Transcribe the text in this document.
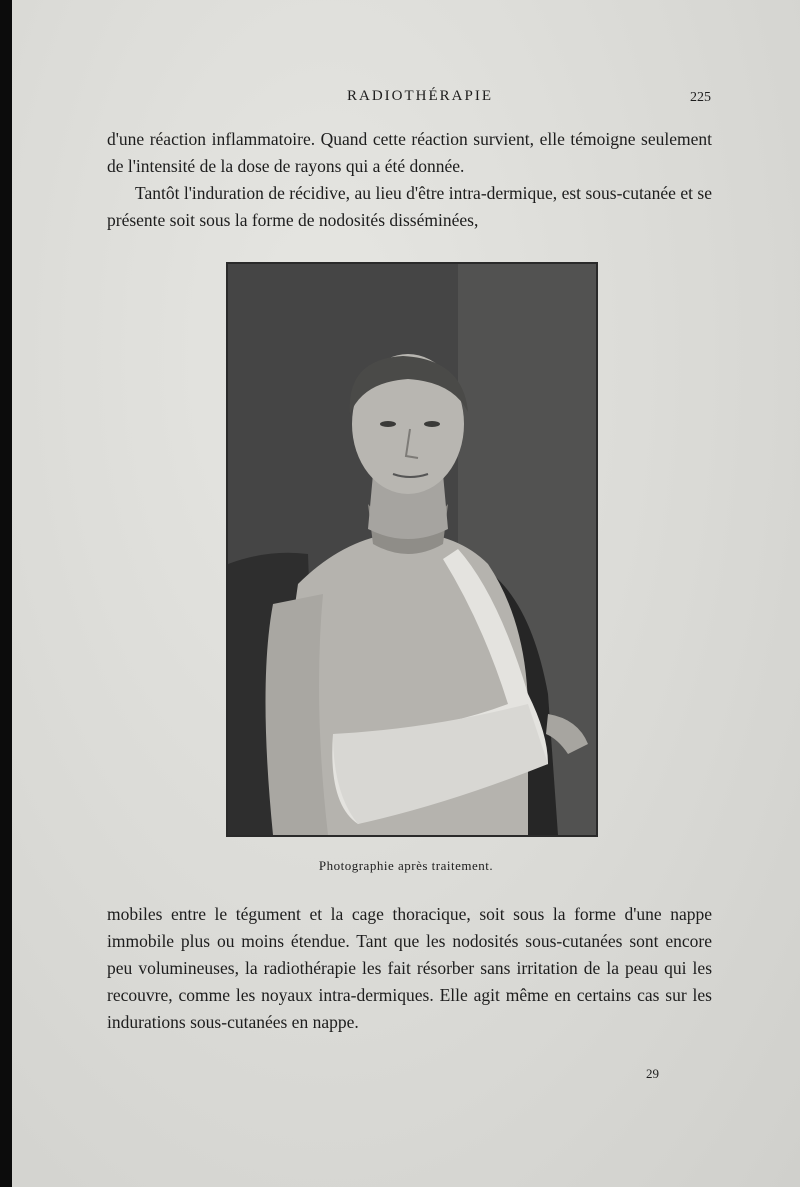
RADIOTHÉRAPIE	225

d'une réaction inflammatoire. Quand cette réaction survient, elle témoigne seulement de l'intensité de la dose de rayons qui a été donnée.

Tantôt l'induration de récidive, au lieu d'être intra-dermique, est sous-cutanée et se présente soit sous la forme de nodosités disséminées,

Photographie après traitement.

mobiles entre le tégument et la cage thoracique, soit sous la forme d'une nappe immobile plus ou moins étendue. Tant que les nodosités sous-cutanées sont encore peu volumineuses, la radiothérapie les fait résorber sans irritation de la peau qui les recouvre, comme les noyaux intra-dermiques. Elle agit même en certains cas sur les indurations sous-cutanées en nappe.

29
